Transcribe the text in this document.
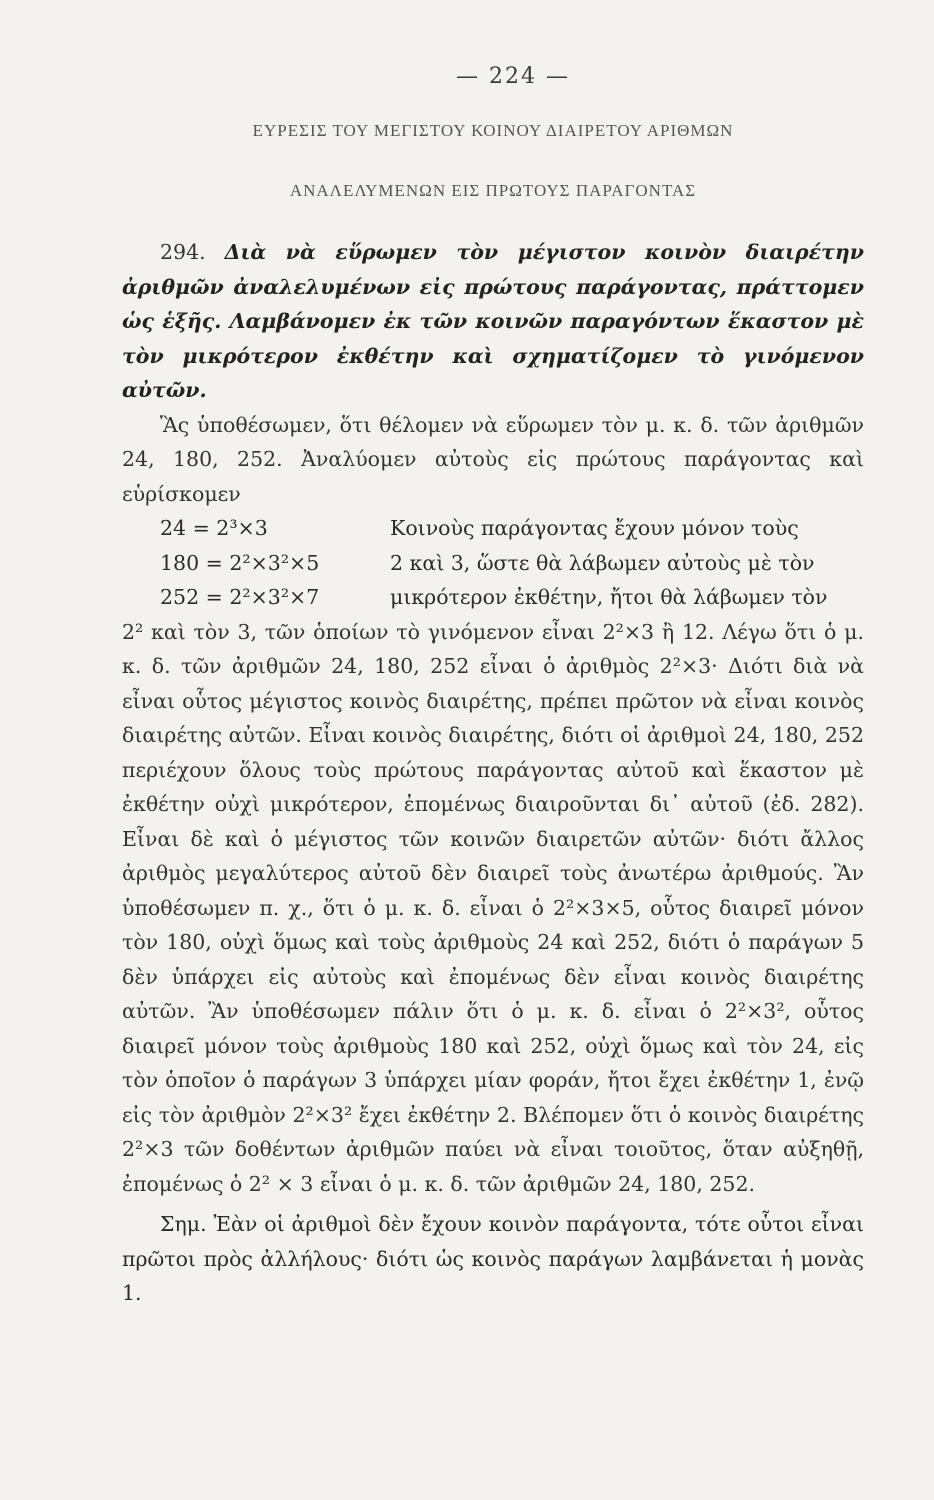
— 224 —
ΕΥΡΕΣΙΣ ΤΟΥ ΜΕΓΙΣΤΟΥ ΚΟΙΝΟΥ ΔΙΑΙΡΕΤΟΥ ΑΡΙΘΜΩΝ
ΑΝΑΛΕΛΥΜΕΝΩΝ ΕΙΣ ΠΡΩΤΟΥΣ ΠΑΡΑΓΟΝΤΑΣ

294. Διὰ νὰ εὕρωμεν τὸν μέγιστον κοινὸν διαιρέτην ἀριθμῶν ἀναλελυμένων εἰς πρώτους παράγοντας, πράττομεν ὡς ἑξῆς. Λαμβάνομεν ἐκ τῶν κοινῶν παραγόντων ἕκαστον μὲ τὸν μικρότερον ἐκθέτην καὶ σχηματίζομεν τὸ γινόμενον αὐτῶν.

Ἃς ὑποθέσωμεν, ὅτι θέλομεν νὰ εὕρωμεν τὸν μ. κ. δ. τῶν ἀριθμῶν 24, 180, 252. Ἀναλύομεν αὐτοὺς εἰς πρώτους παράγοντας καὶ εὑρίσκομεν

24 = 2³×3
180 = 2²×3²×5
252 = 2²×3²×7
Κοινοὺς παράγοντας ἔχουν μόνον τοὺς
2 καὶ 3, ὥστε θὰ λάβωμεν αὐτοὺς μὲ τὸν
μικρότερον ἐκθέτην, ἤτοι θὰ λάβωμεν τὸν

2² καὶ τὸν 3, τῶν ὁποίων τὸ γινόμενον εἶναι 2²×3 ἢ 12. Λέγω ὅτι ὁ μ. κ. δ. τῶν ἀριθμῶν 24, 180, 252 εἶναι ὁ ἀριθμὸς 2²×3· Διότι διὰ νὰ εἶναι οὗτος μέγιστος κοινὸς διαιρέτης, πρέπει πρῶτον νὰ εἶναι κοινὸς διαιρέτης αὐτῶν. Εἶναι κοινὸς διαιρέτης, διότι οἱ ἀριθμοὶ 24, 180, 252 περιέχουν ὅλους τοὺς πρώτους παράγοντας αὐτοῦ καὶ ἕκαστον μὲ ἐκθέτην οὐχὶ μικρότερον, ἐπομένως διαιροῦνται δι᾽ αὐτοῦ (ἐδ. 282). Εἶναι δὲ καὶ ὁ μέγιστος τῶν κοινῶν διαιρετῶν αὐτῶν· διότι ἄλλος ἀριθμὸς μεγαλύτερος αὐτοῦ δὲν διαιρεῖ τοὺς ἀνωτέρω ἀριθμούς. Ἂν ὑποθέσωμεν π. χ., ὅτι ὁ μ. κ. δ. εἶναι ὁ 2²×3×5, οὗτος διαιρεῖ μόνον τὸν 180, οὐχὶ ὅμως καὶ τοὺς ἀριθμοὺς 24 καὶ 252, διότι ὁ παράγων 5 δὲν ὑπάρχει εἰς αὐτοὺς καὶ ἐπομένως δὲν εἶναι κοινὸς διαιρέτης αὐτῶν. Ἂν ὑποθέσωμεν πάλιν ὅτι ὁ μ. κ. δ. εἶναι ὁ 2²×3², οὗτος διαιρεῖ μόνον τοὺς ἀριθμοὺς 180 καὶ 252, οὐχὶ ὅμως καὶ τὸν 24, εἰς τὸν ὁποῖον ὁ παράγων 3 ὑπάρχει μίαν φοράν, ἤτοι ἔχει ἐκθέτην 1, ἐνῷ εἰς τὸν ἀριθμὸν 2²×3² ἔχει ἐκθέτην 2. Βλέπομεν ὅτι ὁ κοινὸς διαιρέτης 2²×3 τῶν δοθέντων ἀριθμῶν παύει νὰ εἶναι τοιοῦτος, ὅταν αὐξηθῇ, ἐπομένως ὁ 2² × 3 εἶναι ὁ μ. κ. δ. τῶν ἀριθμῶν 24, 180, 252.

Σημ. Ἐὰν οἱ ἀριθμοὶ δὲν ἔχουν κοινὸν παράγοντα, τότε οὗτοι εἶναι πρῶτοι πρὸς ἀλλήλους· διότι ὡς κοινὸς παράγων λαμβάνεται ἡ μονὰς 1.
